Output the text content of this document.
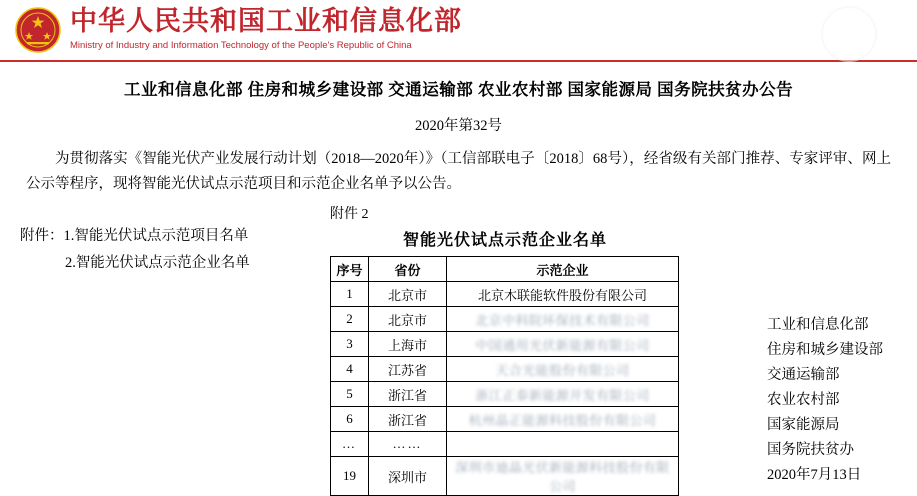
中华人民共和国工业和信息化部
Ministry of Industry and Information Technology of the People's Republic of China
工业和信息化部 住房和城乡建设部 交通运输部 农业农村部 国家能源局 国务院扶贫办公告
2020年第32号
为贯彻落实《智能光伏产业发展行动计划（2018—2020年）》（工信部联电子〔2018〕68号），经省级有关部门推荐、专家评审、网上公示等程序，现将智能光伏试点示范项目和示范企业名单予以公告。
附件：1.智能光伏试点示范项目名单
2.智能光伏试点示范企业名单
附件 2
智能光伏试点示范企业名单
序号	省份	示范企业
1	北京市	北京木联能软件股份有限公司
2	北京市	北京中科院环保技术有限公司
3	上海市	中国通用光伏新能源有限公司
4	江苏省	天合光能股份有限公司
5	浙江省	浙江正泰新能源开发有限公司
6	浙江省	杭州晶正能源科技股份有限公司
…	……	
19	深圳市	深圳市迪晶光伏新能源科技股份有限公司
工业和信息化部
住房和城乡建设部
交通运输部
农业农村部
国家能源局
国务院扶贫办
2020年7月13日
